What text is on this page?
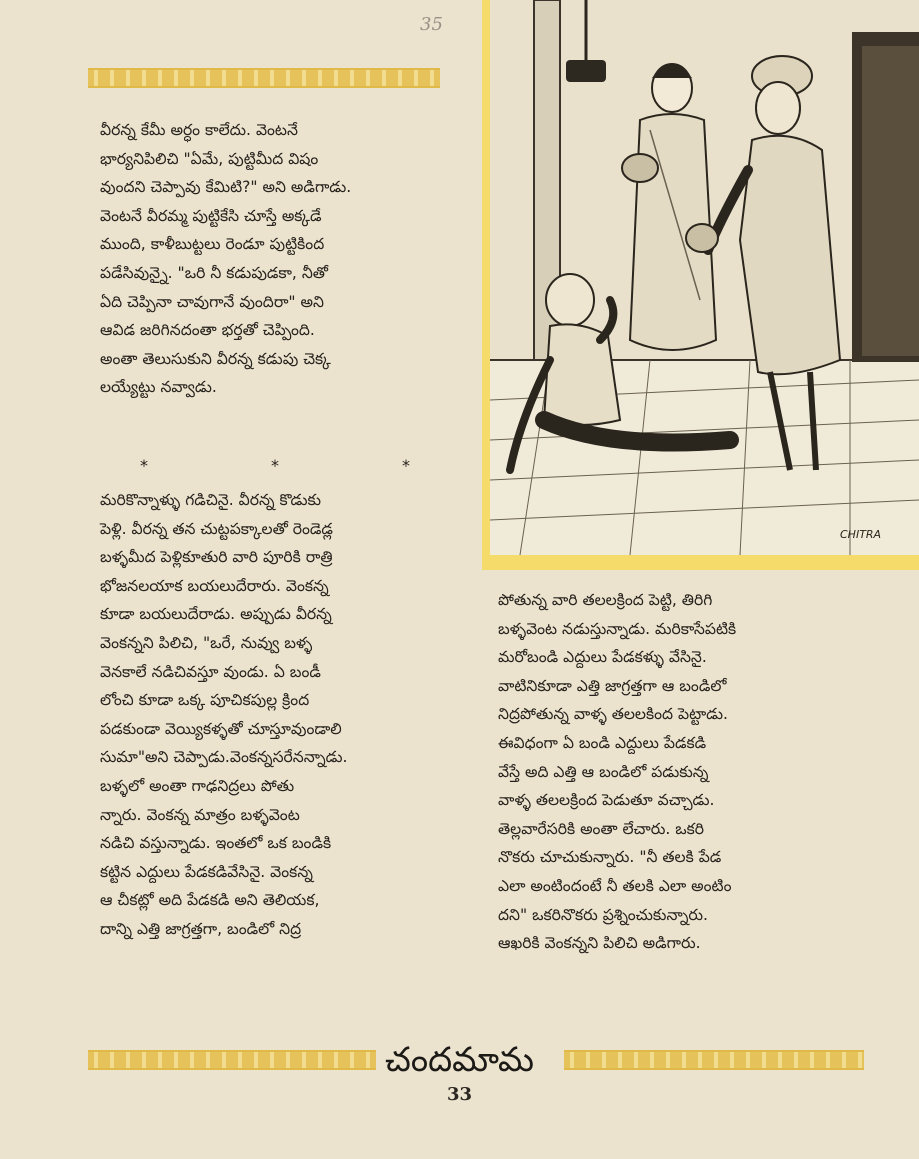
35
వీరన్న కేమీ అర్ధం కాలేదు. వెంటనే
భార్యనిపిలిచి "ఏమే, పుట్టిమీద విషం
వుందని చెప్పావు కేమిటి?" అని అడిగాడు.
వెంటనే వీరమ్మ పుట్టికేసి చూస్తే అక్కడే
ముంది, కాళీబుట్టలు రెండూ పుట్టికింద
పడేసివున్నై. "ఒరి నీ కడుపుడకా, నీతో
ఏది చెప్పినా చావుగానే వుందిరా" అని
ఆవిడ జరిగినదంతా భర్తతో చెప్పింది.
అంతా తెలుసుకుని వీరన్న కడుపు చెక్క
లయ్యేట్టు నవ్వాడు.
*	*	*
మరికొన్నాళ్ళు గడిచినై. వీరన్న కొడుకు
పెళ్లి. వీరన్న తన చుట్టపక్కాలతో రెండెడ్ల
బళ్ళమీద పెళ్లికూతురి వారి పూరికి రాత్రి
భోజనలయాక బయలుదేరారు. వెంకన్న
కూడా బయలుదేరాడు. అప్పుడు వీరన్న
వెంకన్నని పిలిచి, "ఒరే, నువ్వు బళ్ళ
వెనకాలే నడిచివస్తూ వుండు. ఏ బండీ
లోంచి కూడా ఒక్క పూచికపుల్ల క్రింద
పడకుండా వెయ్యికళ్ళతో చూస్తూవుండాలి
సుమా"అని చెప్పాడు.వెంకన్నసరేనన్నాడు.
బళ్ళలో అంతా గాఢనిద్రలు పోతు
న్నారు. వెంకన్న మాత్రం బళ్ళవెంట
నడిచి వస్తున్నాడు. ఇంతలో ఒక బండికి
కట్టిన ఎద్దులు పేడకడివేసినై. వెంకన్న
ఆ చీకట్లో అది పేడకడి అని తెలియక,
దాన్ని ఎత్తి జాగ్రత్తగా, బండిలో నిద్ర
CHITRA
పోతున్న వారి తలలక్రింద పెట్టి, తిరిగి
బళ్ళవెంట నడుస్తున్నాడు. మరికాసేపటికి
మరోబండి ఎద్దులు పేడకళ్ళు వేసినై.
వాటినికూడా ఎత్తి జాగ్రత్తగా ఆ బండిలో
నిద్రపోతున్న వాళ్ళ తలలకింద పెట్టాడు.
ఈవిధంగా ఏ బండి ఎద్దులు పేడకడి
వేస్తే అది ఎత్తి ఆ బండిలో పడుకున్న
వాళ్ళ తలలక్రింద పెడుతూ వచ్చాడు.
తెల్లవారేసరికి అంతా లేచారు. ఒకరి
నొకరు చూచుకున్నారు. "నీ తలకి పేడ
ఎలా అంటిందంటే నీ తలకి ఎలా అంటిం
దని" ఒకరినొకరు ప్రశ్నించుకున్నారు.
ఆఖరికి వెంకన్నని పిలిచి అడిగారు.
చందమామ
33
